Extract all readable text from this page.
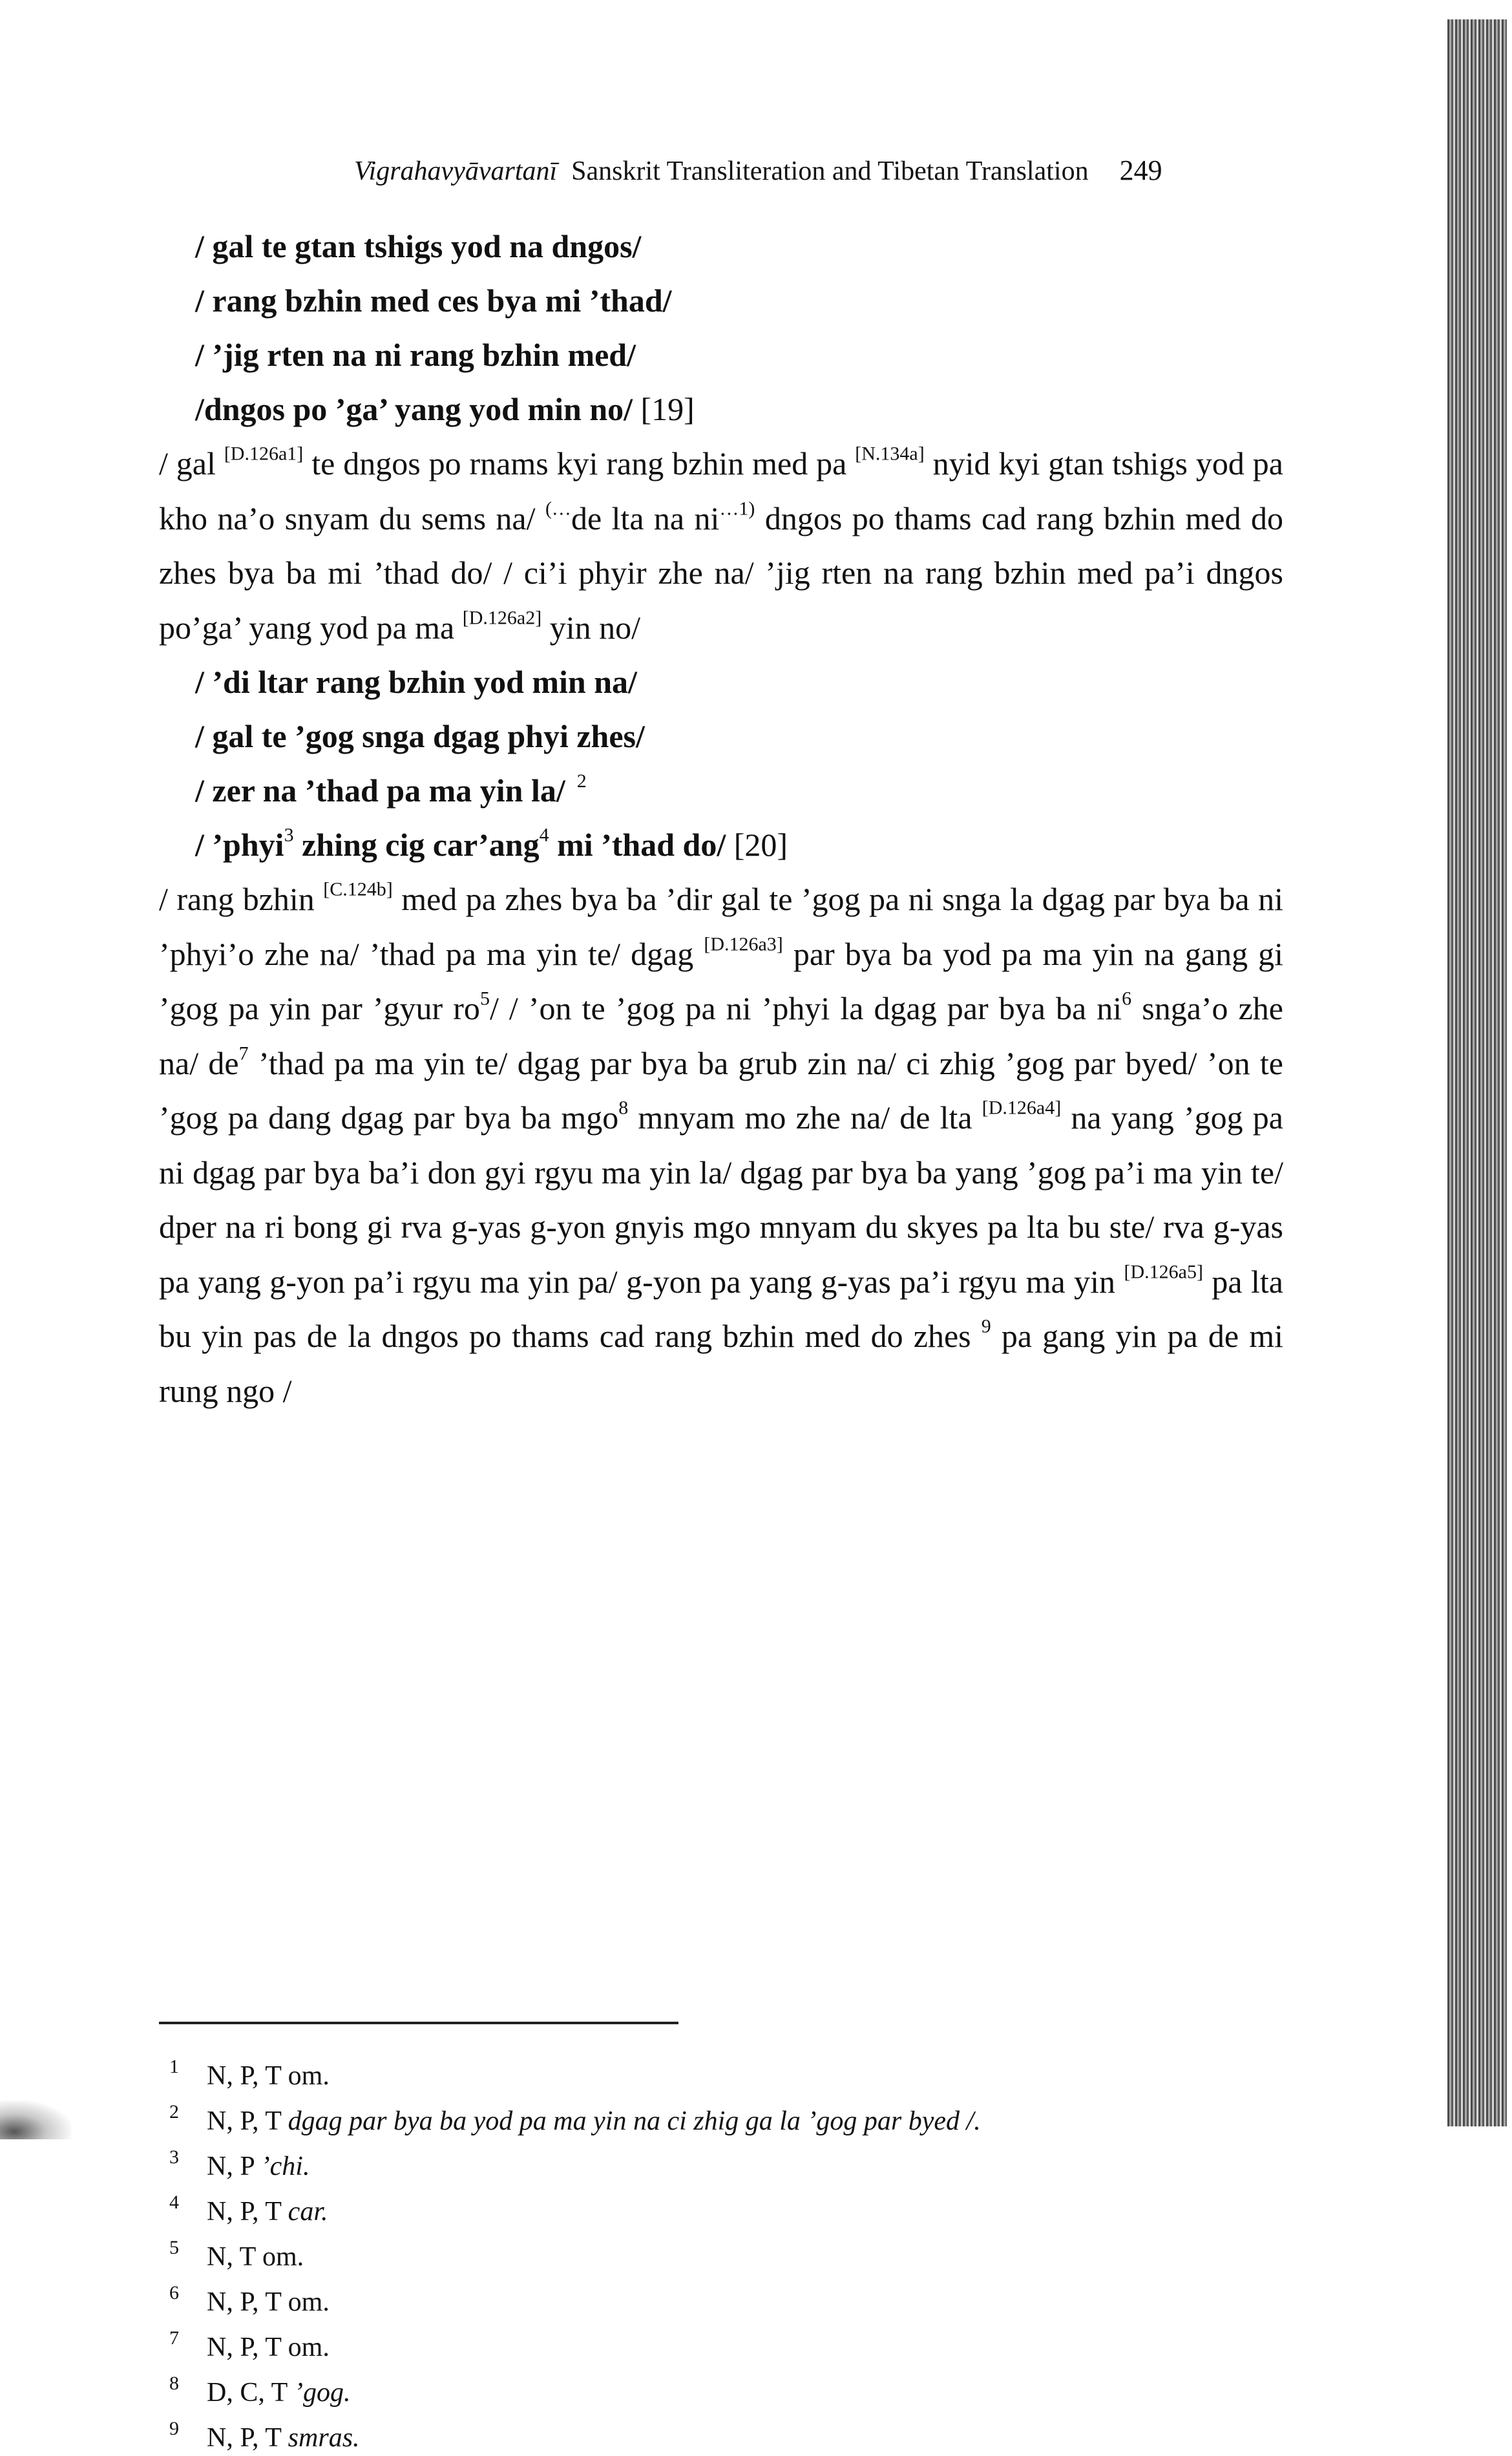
Vigrahavyāvartanī Sanskrit Transliteration and Tibetan Translation 249
/ gal te gtan tshigs yod na dngos/
/ rang bzhin med ces bya mi ’thad/
/ ’jig rten na ni rang bzhin med/
/dngos po ’ga’ yang yod min no/ [19]

/ gal [D.126a1] te dngos po rnams kyi rang bzhin med pa [N.134a] nyid kyi gtan tshigs yod pa kho na’o snyam du sems na/ (…de lta na $ni^{\dots 1)}$ dngos po thams cad rang bzhin med do zhes bya ba mi ’thad do/ / ci’i phyir zhe na/ ’jig rten na rang bzhin med pa’i dngos po’ga’ yang yod pa ma [D.126a2] yin no/

/ ’di ltar rang bzhin yod min na/
/ gal te ’gog snga dgag phyi zhes/
/ zer na ’thad pa ma yin la/ $^2$
/ ’phyi$^3$ zhing cig car’ang$^4$ mi ’thad do/ [20]

/ rang bzhin [C.124b] med pa zhes bya ba ’dir gal te ’gog pa ni snga la dgag par bya ba ni ’phyi’o zhe na/ ’thad pa ma yin te/ dgag [D.126a3] par bya ba yod pa ma yin na gang gi ’gog pa yin par ’gyur $ro^5/$ / ’on te ’gog pa ni ’phyi la dgag par bya ba $ni^6$ snga’o zhe na/ $de^7$ ’thad pa ma yin te/ dgag par bya ba grub zin na/ ci zhig ’gog par byed/ ’on te ’gog pa dang dgag par bya ba mgo$^8$ mnyam mo zhe na/ de lta [D.126a4] na yang ’gog pa ni dgag par bya ba’i don gyi rgyu ma yin la/ dgag par bya ba yang ’gog pa’i ma yin te/ dper na ri bong gi rva g-yas g-yon gnyis mgo mnyam du skyes pa lta bu ste/ rva g-yas pa yang g-yon pa’i rgyu ma yin pa/ g-yon pa yang g-yas pa’i rgyu ma yin [D.126a5] pa lta bu yin pas de la dngos po thams cad rang bzhin med do zhes $^9$ pa gang yin pa de mi rung ngo /

1 N, P, T om.
2 N, P, T dgag par bya ba yod pa ma yin na ci zhig ga la ’gog par byed /.
3 N, P ’chi.
4 N, P, T car.
5 N, T om.
6 N, P, T om.
7 N, P, T om.
8 D, C, T ’gog.
9 N, P, T smras.
